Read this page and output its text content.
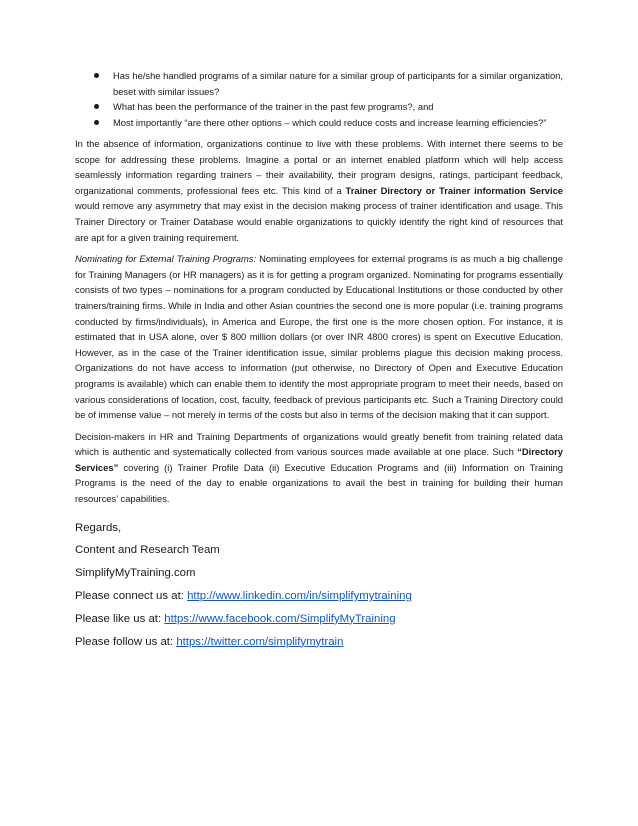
Has he/she handled programs of a similar nature for a similar group of participants for a similar organization, beset with similar issues?
What has been the performance of the trainer in the past few programs?, and
Most importantly “are there other options – which could reduce costs and increase learning efficiencies?”

In the absence of information, organizations continue to live with these problems. With internet there seems to be scope for addressing these problems. Imagine a portal or an internet enabled platform which will help access seamlessly information regarding trainers – their availability, their program designs, ratings, participant feedback, organizational comments, professional fees etc. This kind of a Trainer Directory or Trainer information Service would remove any asymmetry that may exist in the decision making process of trainer identification and usage. This Trainer Directory or Trainer Database would enable organizations to quickly identify the right kind of resources that are apt for a given training requirement.

Nominating for External Training Programs: Nominating employees for external programs is as much a big challenge for Training Managers (or HR managers) as it is for getting a program organized. Nominating for programs essentially consists of two types – nominations for a program conducted by Educational Institutions or those conducted by other trainers/training firms. While in India and other Asian countries the second one is more popular (i.e. training programs conducted by firms/individuals), in America and Europe, the first one is the more chosen option. For instance, it is estimated that in USA alone, over $ 800 million dollars (or over INR 4800 crores) is spent on Executive Education. However, as in the case of the Trainer identification issue, similar problems plague this decision making process. Organizations do not have access to information (put otherwise, no Directory of Open and Executive Education programs is available) which can enable them to identify the most appropriate program to meet their needs, based on various considerations of location, cost, faculty, feedback of previous participants etc. Such a Training Directory could be of immense value – not merely in terms of the costs but also in terms of the decision making that it can support.

Decision-makers in HR and Training Departments of organizations would greatly benefit from training related data which is authentic and systematically collected from various sources made available at one place. Such “Directory Services” covering (i) Trainer Profile Data (ii) Executive Education Programs and (iii) Information on Training Programs is the need of the day to enable organizations to avail the best in training for building their human resources’ capabilities.

Regards,
Content and Research Team
SimplifyMyTraining.com
Please connect us at: http://www.linkedin.com/in/simplifymytraining
Please like us at: https://www.facebook.com/SimplifyMyTraining
Please follow us at: https://twitter.com/simplifymytrain
